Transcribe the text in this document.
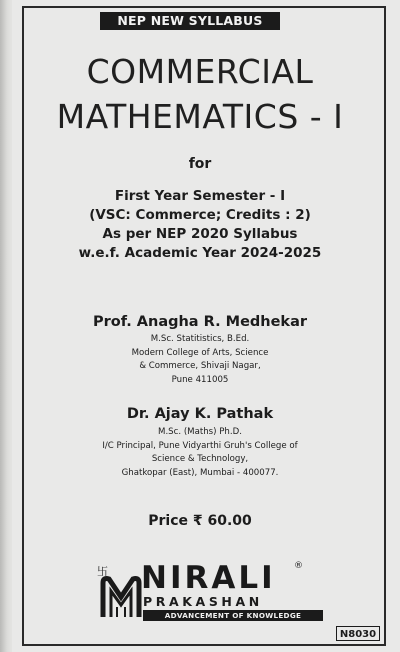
NEP NEW SYLLABUS
COMMERCIAL
MATHEMATICS - I
for
First Year Semester - I
(VSC: Commerce; Credits : 2)
As per NEP 2020 Syllabus
w.e.f. Academic Year 2024-2025
Prof. Anagha R. Medhekar
M.Sc. Statitistics, B.Ed.
Modern College of Arts, Science
& Commerce, Shivaji Nagar,
Pune 411005
Dr. Ajay K. Pathak
M.Sc. (Maths) Ph.D.
I/C Principal, Pune Vidyarthi Gruh's College of
Science & Technology,
Ghatkopar (East), Mumbai - 400077.
Price ₹ 60.00
卐 NIRALI ®
PRAKASHAN
ADVANCEMENT OF KNOWLEDGE
N8030
